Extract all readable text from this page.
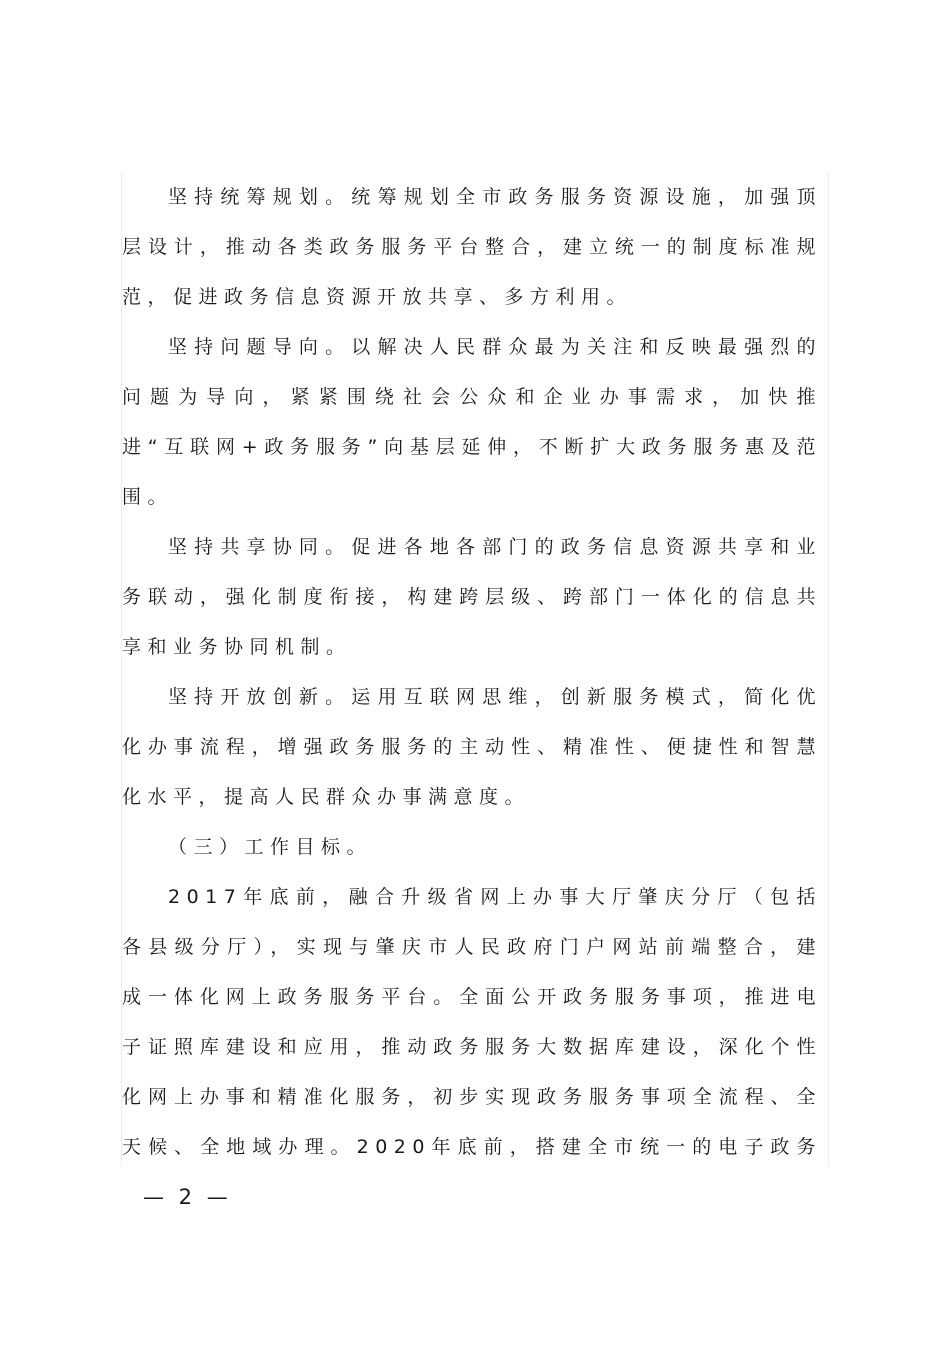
坚持统筹规划。统筹规划全市政务服务资源设施，加强顶层设计，推动各类政务服务平台整合，建立统一的制度标准规范，促进政务信息资源开放共享、多方利用。

坚持问题导向。以解决人民群众最为关注和反映最强烈的问题为导向，紧紧围绕社会公众和企业办事需求，加快推进“互联网+政务服务”向基层延伸，不断扩大政务服务惠及范围。

坚持共享协同。促进各地各部门的政务信息资源共享和业务联动，强化制度衔接，构建跨层级、跨部门一体化的信息共享和业务协同机制。

坚持开放创新。运用互联网思维，创新服务模式，简化优化办事流程，增强政务服务的主动性、精准性、便捷性和智慧化水平，提高人民群众办事满意度。

（三）工作目标。

2017年底前，融合升级省网上办事大厅肇庆分厅（包括各县级分厅），实现与肇庆市人民政府门户网站前端整合，建成一体化网上政务服务平台。全面公开政务服务事项，推进电子证照库建设和应用，推动政务服务大数据库建设，深化个性化网上办事和精准化服务，初步实现政务服务事项全流程、全天候、全地域办理。2020年底前，搭建全市统一的电子政务

— 2 —
